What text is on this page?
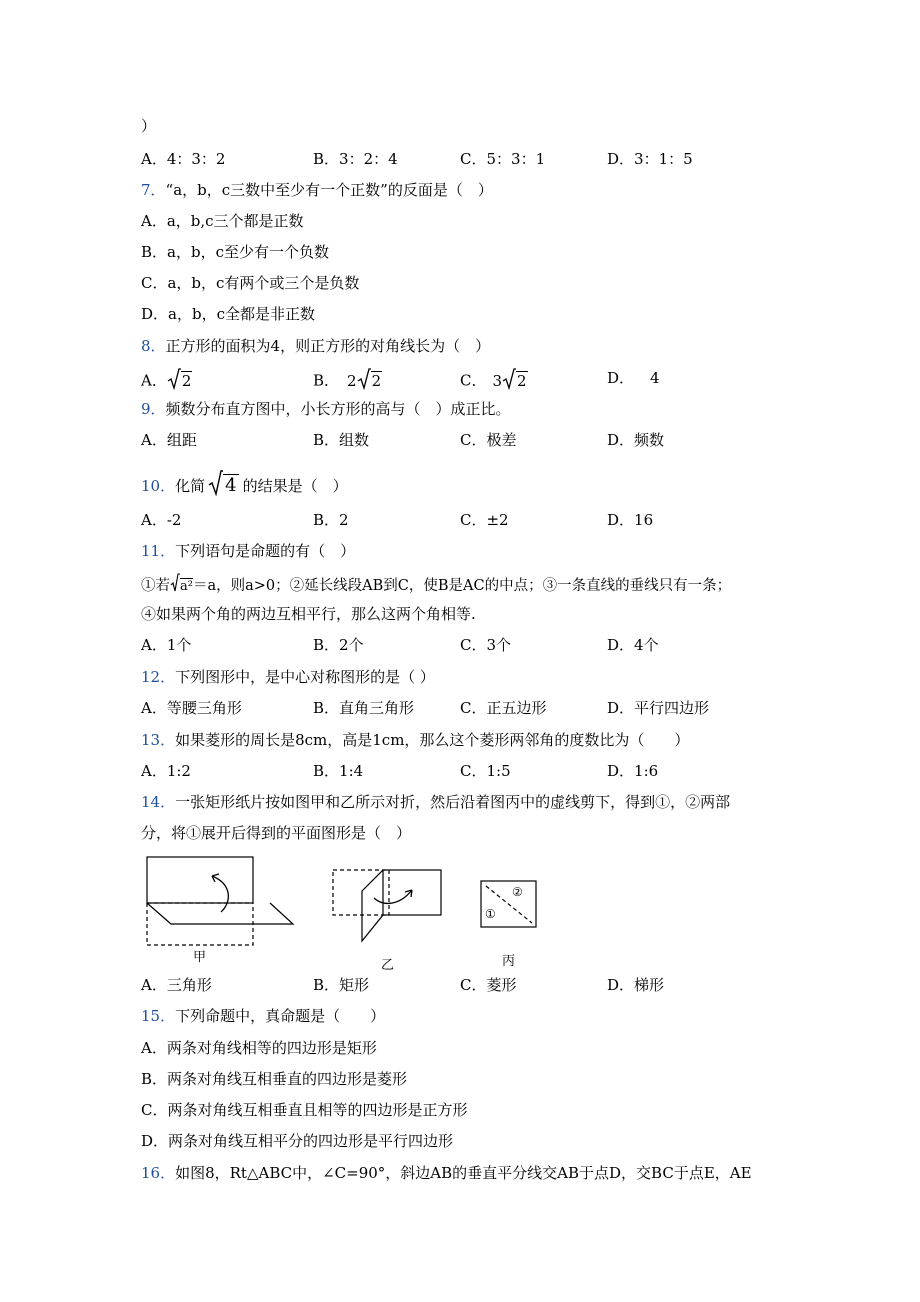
）
A．4：3：2	B．3：2：4	C．5：3：1	D．3：1：5
7．“a，b，c三数中至少有一个正数”的反面是（　）
A．a，b,c三个都是正数
B．a，b，c至少有一个负数
C．a，b，c有两个或三个是负数
D．a，b，c全都是非正数
8．正方形的面积为4，则正方形的对角线长为（　）
A． 2	B． 2 2	C． 3 2	D． 4
9．频数分布直方图中，小长方形的高与（　）成正比。
A．组距	B．组数	C．极差	D．频数
10．化简 4 的结果是（　）
A．-2	B．2	C．±2	D．16
11．下列语句是命题的有（　）
①若 a²＝a，则a>0；②延长线段AB到C，使B是AC的中点；③一条直线的垂线只有一条；
④如果两个角的两边互相平行，那么这两个角相等.
A．1个	B．2个	C．3个	D．4个
12．下列图形中，是中心对称图形的是（ ）
A．等腰三角形	B．直角三角形	C．正五边形	D．平行四边形
13．如果菱形的周长是8cm，高是1cm，那么这个菱形两邻角的度数比为（　　）
A．1:2	B．1:4	C．1:5	D．1:6
14．一张矩形纸片按如图甲和乙所示对折，然后沿着图丙中的虚线剪下，得到①，②两部
分，将①展开后得到的平面图形是（　）
甲
乙
①
②
丙
A．三角形	B．矩形	C．菱形	D．梯形
15．下列命题中，真命题是（　　）
A．两条对角线相等的四边形是矩形
B．两条对角线互相垂直的四边形是菱形
C．两条对角线互相垂直且相等的四边形是正方形
D．两条对角线互相平分的四边形是平行四边形
16．如图8，Rt△ABC中，∠C=90°，斜边AB的垂直平分线交AB于点D，交BC于点E，AE
